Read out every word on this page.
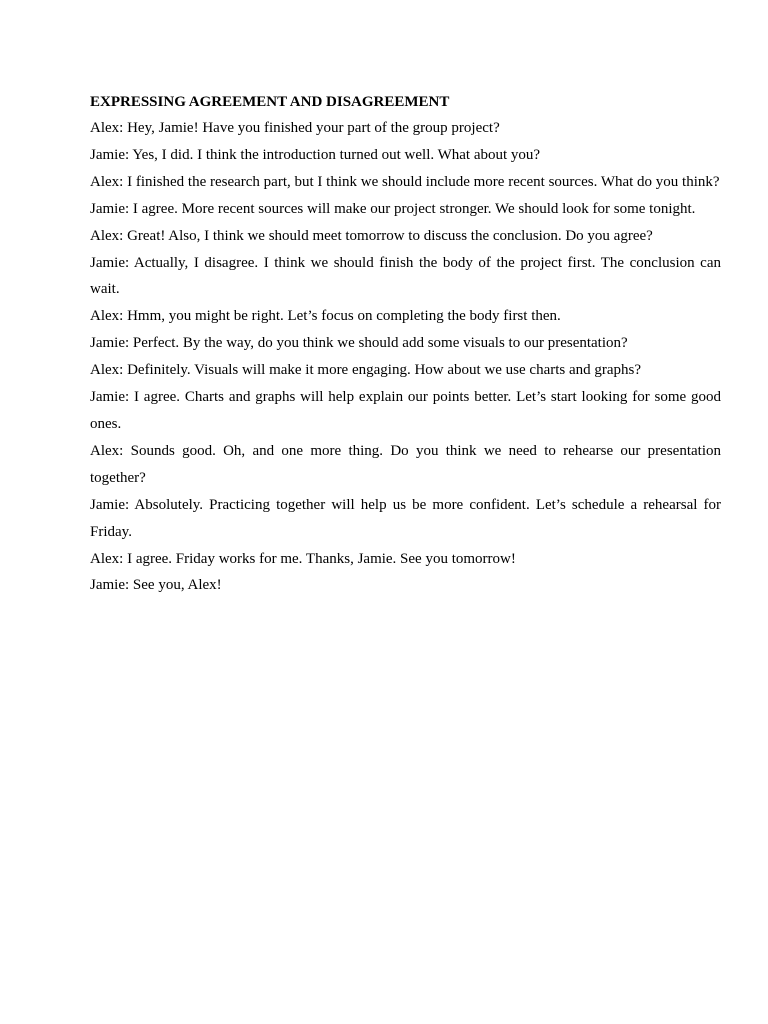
EXPRESSING AGREEMENT AND DISAGREEMENT

Alex: Hey, Jamie! Have you finished your part of the group project?

Jamie: Yes, I did. I think the introduction turned out well. What about you?

Alex: I finished the research part, but I think we should include more recent sources. What do you think?

Jamie: I agree. More recent sources will make our project stronger. We should look for some tonight.

Alex: Great! Also, I think we should meet tomorrow to discuss the conclusion. Do you agree?

Jamie: Actually, I disagree. I think we should finish the body of the project first. The conclusion can wait.

Alex: Hmm, you might be right. Let’s focus on completing the body first then.

Jamie: Perfect. By the way, do you think we should add some visuals to our presentation?

Alex: Definitely. Visuals will make it more engaging. How about we use charts and graphs?

Jamie: I agree. Charts and graphs will help explain our points better. Let’s start looking for some good ones.

Alex: Sounds good. Oh, and one more thing. Do you think we need to rehearse our presentation together?

Jamie: Absolutely. Practicing together will help us be more confident. Let’s schedule a rehearsal for Friday.

Alex: I agree. Friday works for me. Thanks, Jamie. See you tomorrow!

Jamie: See you, Alex!
